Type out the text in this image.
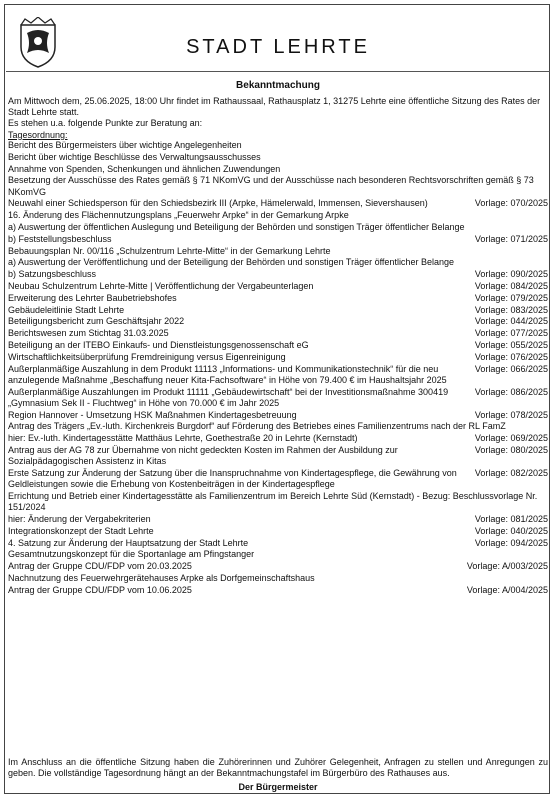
STADT LEHRTE
Bekanntmachung
Am Mittwoch dem, 25.06.2025, 18:00 Uhr findet im Rathaussaal, Rathausplatz 1, 31275 Lehrte eine öffentliche Sitzung des Rates der Stadt Lehrte statt.
Es stehen u.a. folgende Punkte zur Beratung an:
Tagesordnung:
Bericht des Bürgermeisters über wichtige Angelegenheiten
Bericht über wichtige Beschlüsse des Verwaltungsausschusses
Annahme von Spenden, Schenkungen und ähnlichen Zuwendungen
Besetzung der Ausschüsse des Rates gemäß § 71 NKomVG und der Ausschüsse nach besonderen Rechtsvorschriften gemäß § 73 NKomVG
Neuwahl einer Schiedsperson für den Schiedsbezirk III (Arpke, Hämelerwald, Immensen, Sievershausen)	Vorlage: 070/2025
16. Änderung des Flächennutzungsplans „Feuerwehr Arpke“ in der Gemarkung Arpke
a) Auswertung der öffentlichen Auslegung und Beteiligung der Behörden und sonstigen Träger öffentlicher Belange
b) Feststellungsbeschluss	Vorlage: 071/2025
Bebauungsplan Nr. 00/116 „Schulzentrum Lehrte-Mitte“ in der Gemarkung Lehrte
a) Auswertung der Veröffentlichung und der Beteiligung der Behörden und sonstigen Träger öffentlicher Belange
b) Satzungsbeschluss	Vorlage: 090/2025
Neubau Schulzentrum Lehrte-Mitte | Veröffentlichung der Vergabeunterlagen	Vorlage: 084/2025
Erweiterung des Lehrter Baubetriebshofes	Vorlage: 079/2025
Gebäudeleitlinie Stadt Lehrte	Vorlage: 083/2025
Beteiligungsbericht zum Geschäftsjahr 2022	Vorlage: 044/2025
Berichtswesen zum Stichtag 31.03.2025	Vorlage: 077/2025
Beteiligung an der ITEBO Einkaufs- und Dienstleistungsgenossenschaft eG	Vorlage: 055/2025
Wirtschaftlichkeitsüberprüfung Fremdreinigung versus Eigenreinigung	Vorlage: 076/2025
Außerplanmäßige Auszahlung in dem Produkt 11113 „Informations- und Kommunikationstechnik“ für die neu anzulegende Maßnahme „Beschaffung neuer Kita-Fachsoftware“ in Höhe von 79.400 € im Haushaltsjahr 2025
Vorlage: 066/2025
Außerplanmäßige Auszahlungen im Produkt 11111 „Gebäudewirtschaft“ bei der Investitionsmaßnahme 300419 „Gymnasium Sek II - Fluchtweg“ in Höhe von 70.000 € im Jahr 2025
Vorlage: 086/2025
Region Hannover - Umsetzung HSK Maßnahmen Kindertagesbetreuung	Vorlage: 078/2025
Antrag des Trägers „Ev.-luth. Kirchenkreis Burgdorf“ auf Förderung des Betriebes eines Familienzentrums nach der RL FamZ
hier: Ev.-luth. Kindertagesstätte Matthäus Lehrte, Goethestraße 20 in Lehrte (Kernstadt)	Vorlage: 069/2025
Antrag aus der AG 78 zur Übernahme von nicht gedeckten Kosten im Rahmen der Ausbildung zur Sozialpädagogischen Assistenz in Kitas
Vorlage: 080/2025
Erste Satzung zur Änderung der Satzung über die Inanspruchnahme von Kindertagespflege, die Gewährung von Geldleistungen sowie die Erhebung von Kostenbeiträgen in der Kindertagespflege
Vorlage: 082/2025
Errichtung und Betrieb einer Kindertagesstätte als Familienzentrum im Bereich Lehrte Süd (Kernstadt) - Bezug: Beschlussvorlage Nr. 151/2024
hier: Änderung der Vergabekriterien	Vorlage: 081/2025
Integrationskonzept der Stadt Lehrte	Vorlage: 040/2025
4. Satzung zur Änderung der Hauptsatzung der Stadt Lehrte	Vorlage: 094/2025
Gesamtnutzungskonzept für die Sportanlage am Pfingstanger
Antrag der Gruppe CDU/FDP vom 20.03.2025	Vorlage: A/003/2025
Nachnutzung des Feuerwehrgerätehauses Arpke als Dorfgemeinschaftshaus
Antrag der Gruppe CDU/FDP vom 10.06.2025	Vorlage: A/004/2025
Im Anschluss an die öffentliche Sitzung haben die Zuhörerinnen und Zuhörer Gelegenheit, Anfragen zu stellen und Anregungen zu geben. Die vollständige Tagesordnung hängt an der Bekanntmachungstafel im Bürgerbüro des Rathauses aus.
Der Bürgermeister
